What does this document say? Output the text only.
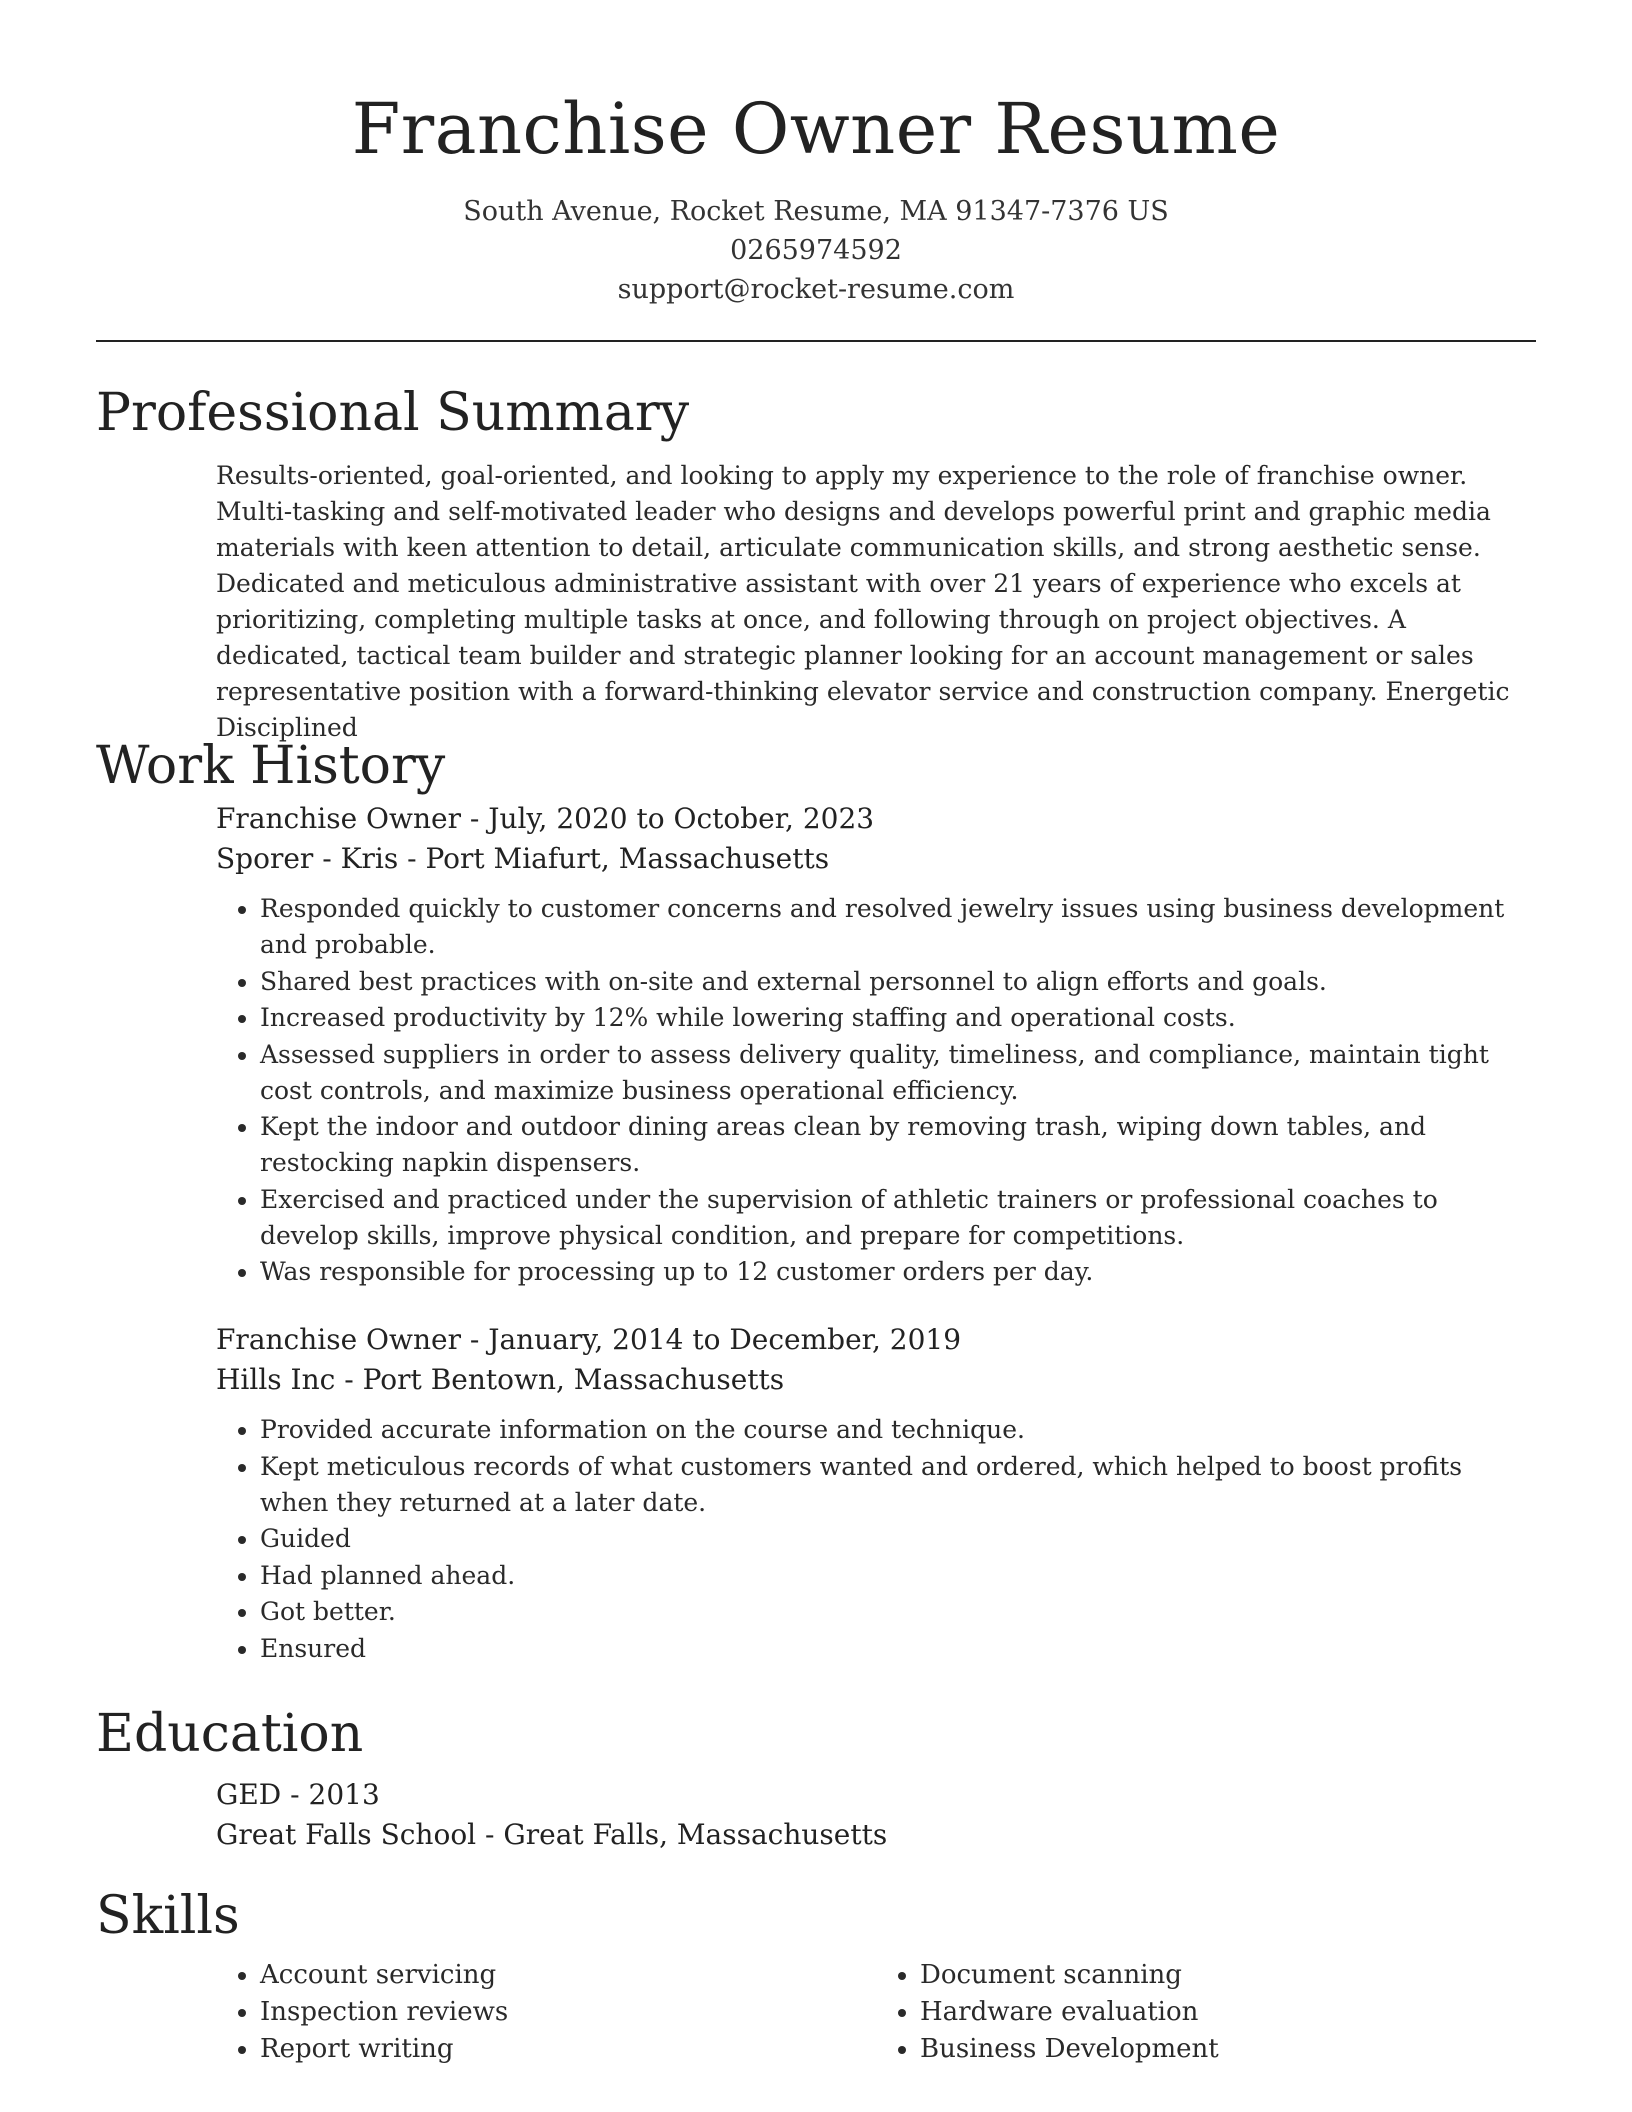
Franchise Owner Resume
South Avenue, Rocket Resume, MA 91347-7376 US
0265974592
support@rocket-resume.com
Professional Summary

Results-oriented, goal-oriented, and looking to apply my experience to the role of franchise owner. Multi-tasking and self-motivated leader who designs and develops powerful print and graphic media materials with keen attention to detail, articulate communication skills, and strong aesthetic sense. Dedicated and meticulous administrative assistant with over 21 years of experience who excels at prioritizing, completing multiple tasks at once, and following through on project objectives. A dedicated, tactical team builder and strategic planner looking for an account management or sales representative position with a forward-thinking elevator service and construction company. Energetic Disciplined

Work History
Franchise Owner - July, 2020 to October, 2023
Sporer - Kris - Port Miafurt, Massachusetts
• Responded quickly to customer concerns and resolved jewelry issues using business development and probable.
• Shared best practices with on-site and external personnel to align efforts and goals.
• Increased productivity by 12% while lowering staffing and operational costs.
• Assessed suppliers in order to assess delivery quality, timeliness, and compliance, maintain tight cost controls, and maximize business operational efficiency.
• Kept the indoor and outdoor dining areas clean by removing trash, wiping down tables, and restocking napkin dispensers.
• Exercised and practiced under the supervision of athletic trainers or professional coaches to develop skills, improve physical condition, and prepare for competitions.
• Was responsible for processing up to 12 customer orders per day.
Franchise Owner - January, 2014 to December, 2019
Hills Inc - Port Bentown, Massachusetts
• Provided accurate information on the course and technique.
• Kept meticulous records of what customers wanted and ordered, which helped to boost profits when they returned at a later date.
• Guided
• Had planned ahead.
• Got better.
• Ensured
Education
GED - 2013
Great Falls School - Great Falls, Massachusetts
Skills
• Account servicing
• Inspection reviews
• Report writing
• Document scanning
• Hardware evaluation
• Business Development
